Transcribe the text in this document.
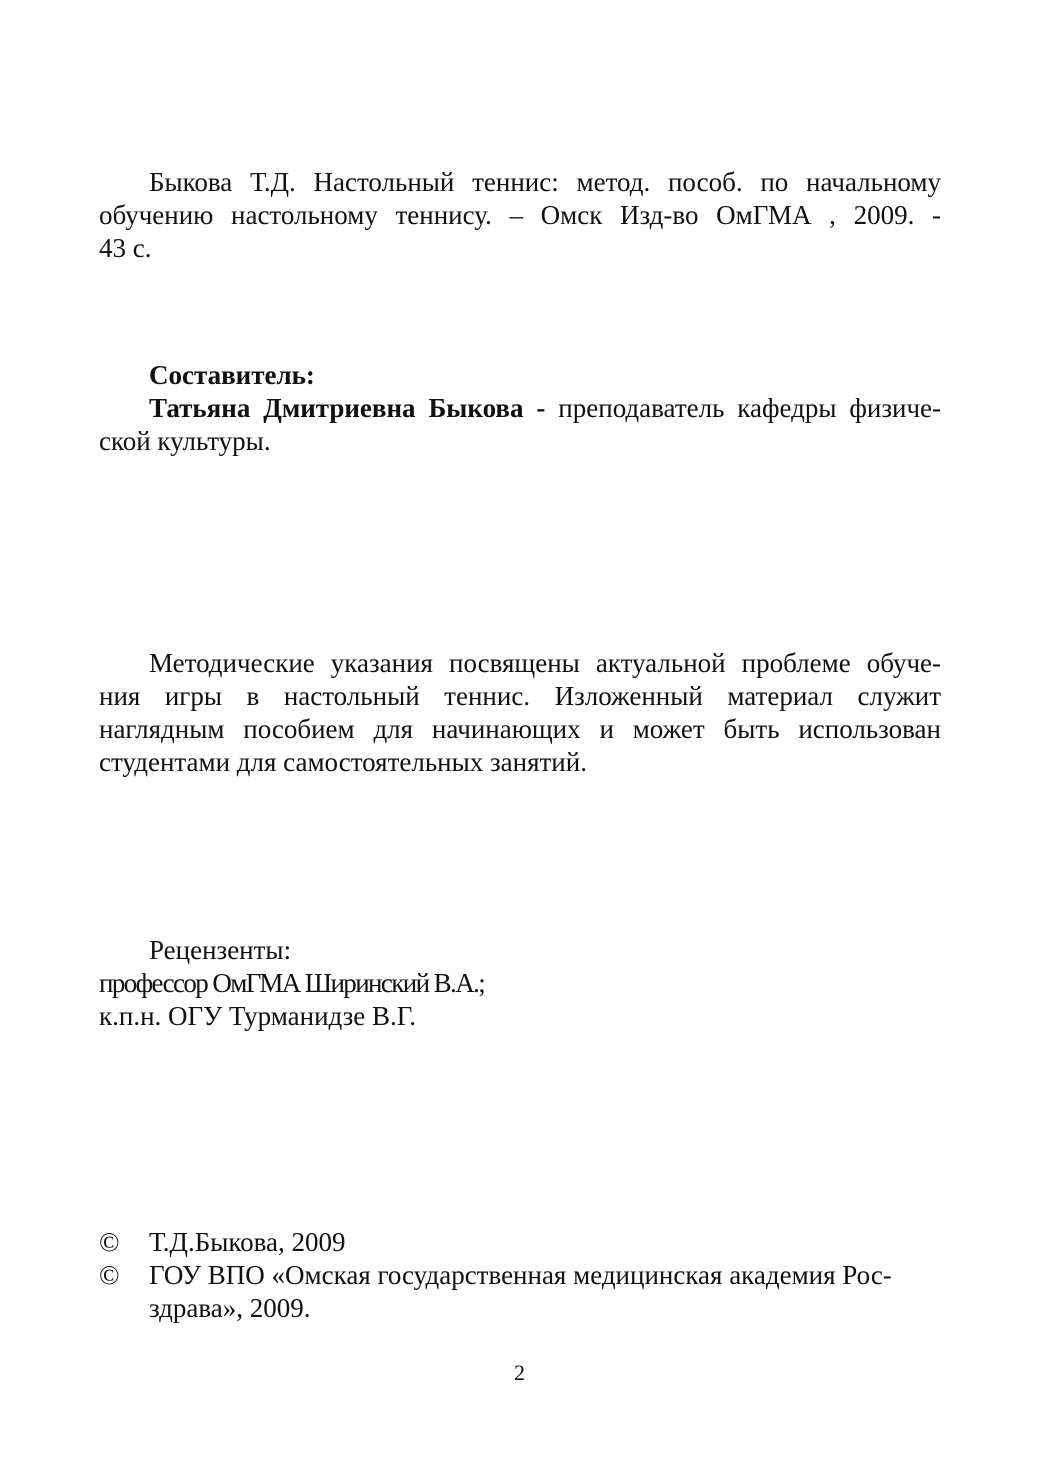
Быкова Т.Д. Настольный теннис: метод. пособ. по начальному
обучению настольному теннису. – Омск Изд-во ОмГМА , 2009. -
43 с.
Составитель:
Татьяна Дмитриевна Быкова - преподаватель кафедры физиче-
ской культуры.
Методические указания посвящены актуальной проблеме обуче-
ния игры в настольный теннис. Изложенный материал служит
наглядным пособием для начинающих и может быть использован
студентами для самостоятельных занятий.
Рецензенты:
профессор ОмГМА Ширинский В.А.;
к.п.н. ОГУ Турманидзе В.Г.
©	Т.Д.Быкова, 2009
©	ГОУ ВПО «Омская государственная медицинская академия Рос-
здрава», 2009.
2
